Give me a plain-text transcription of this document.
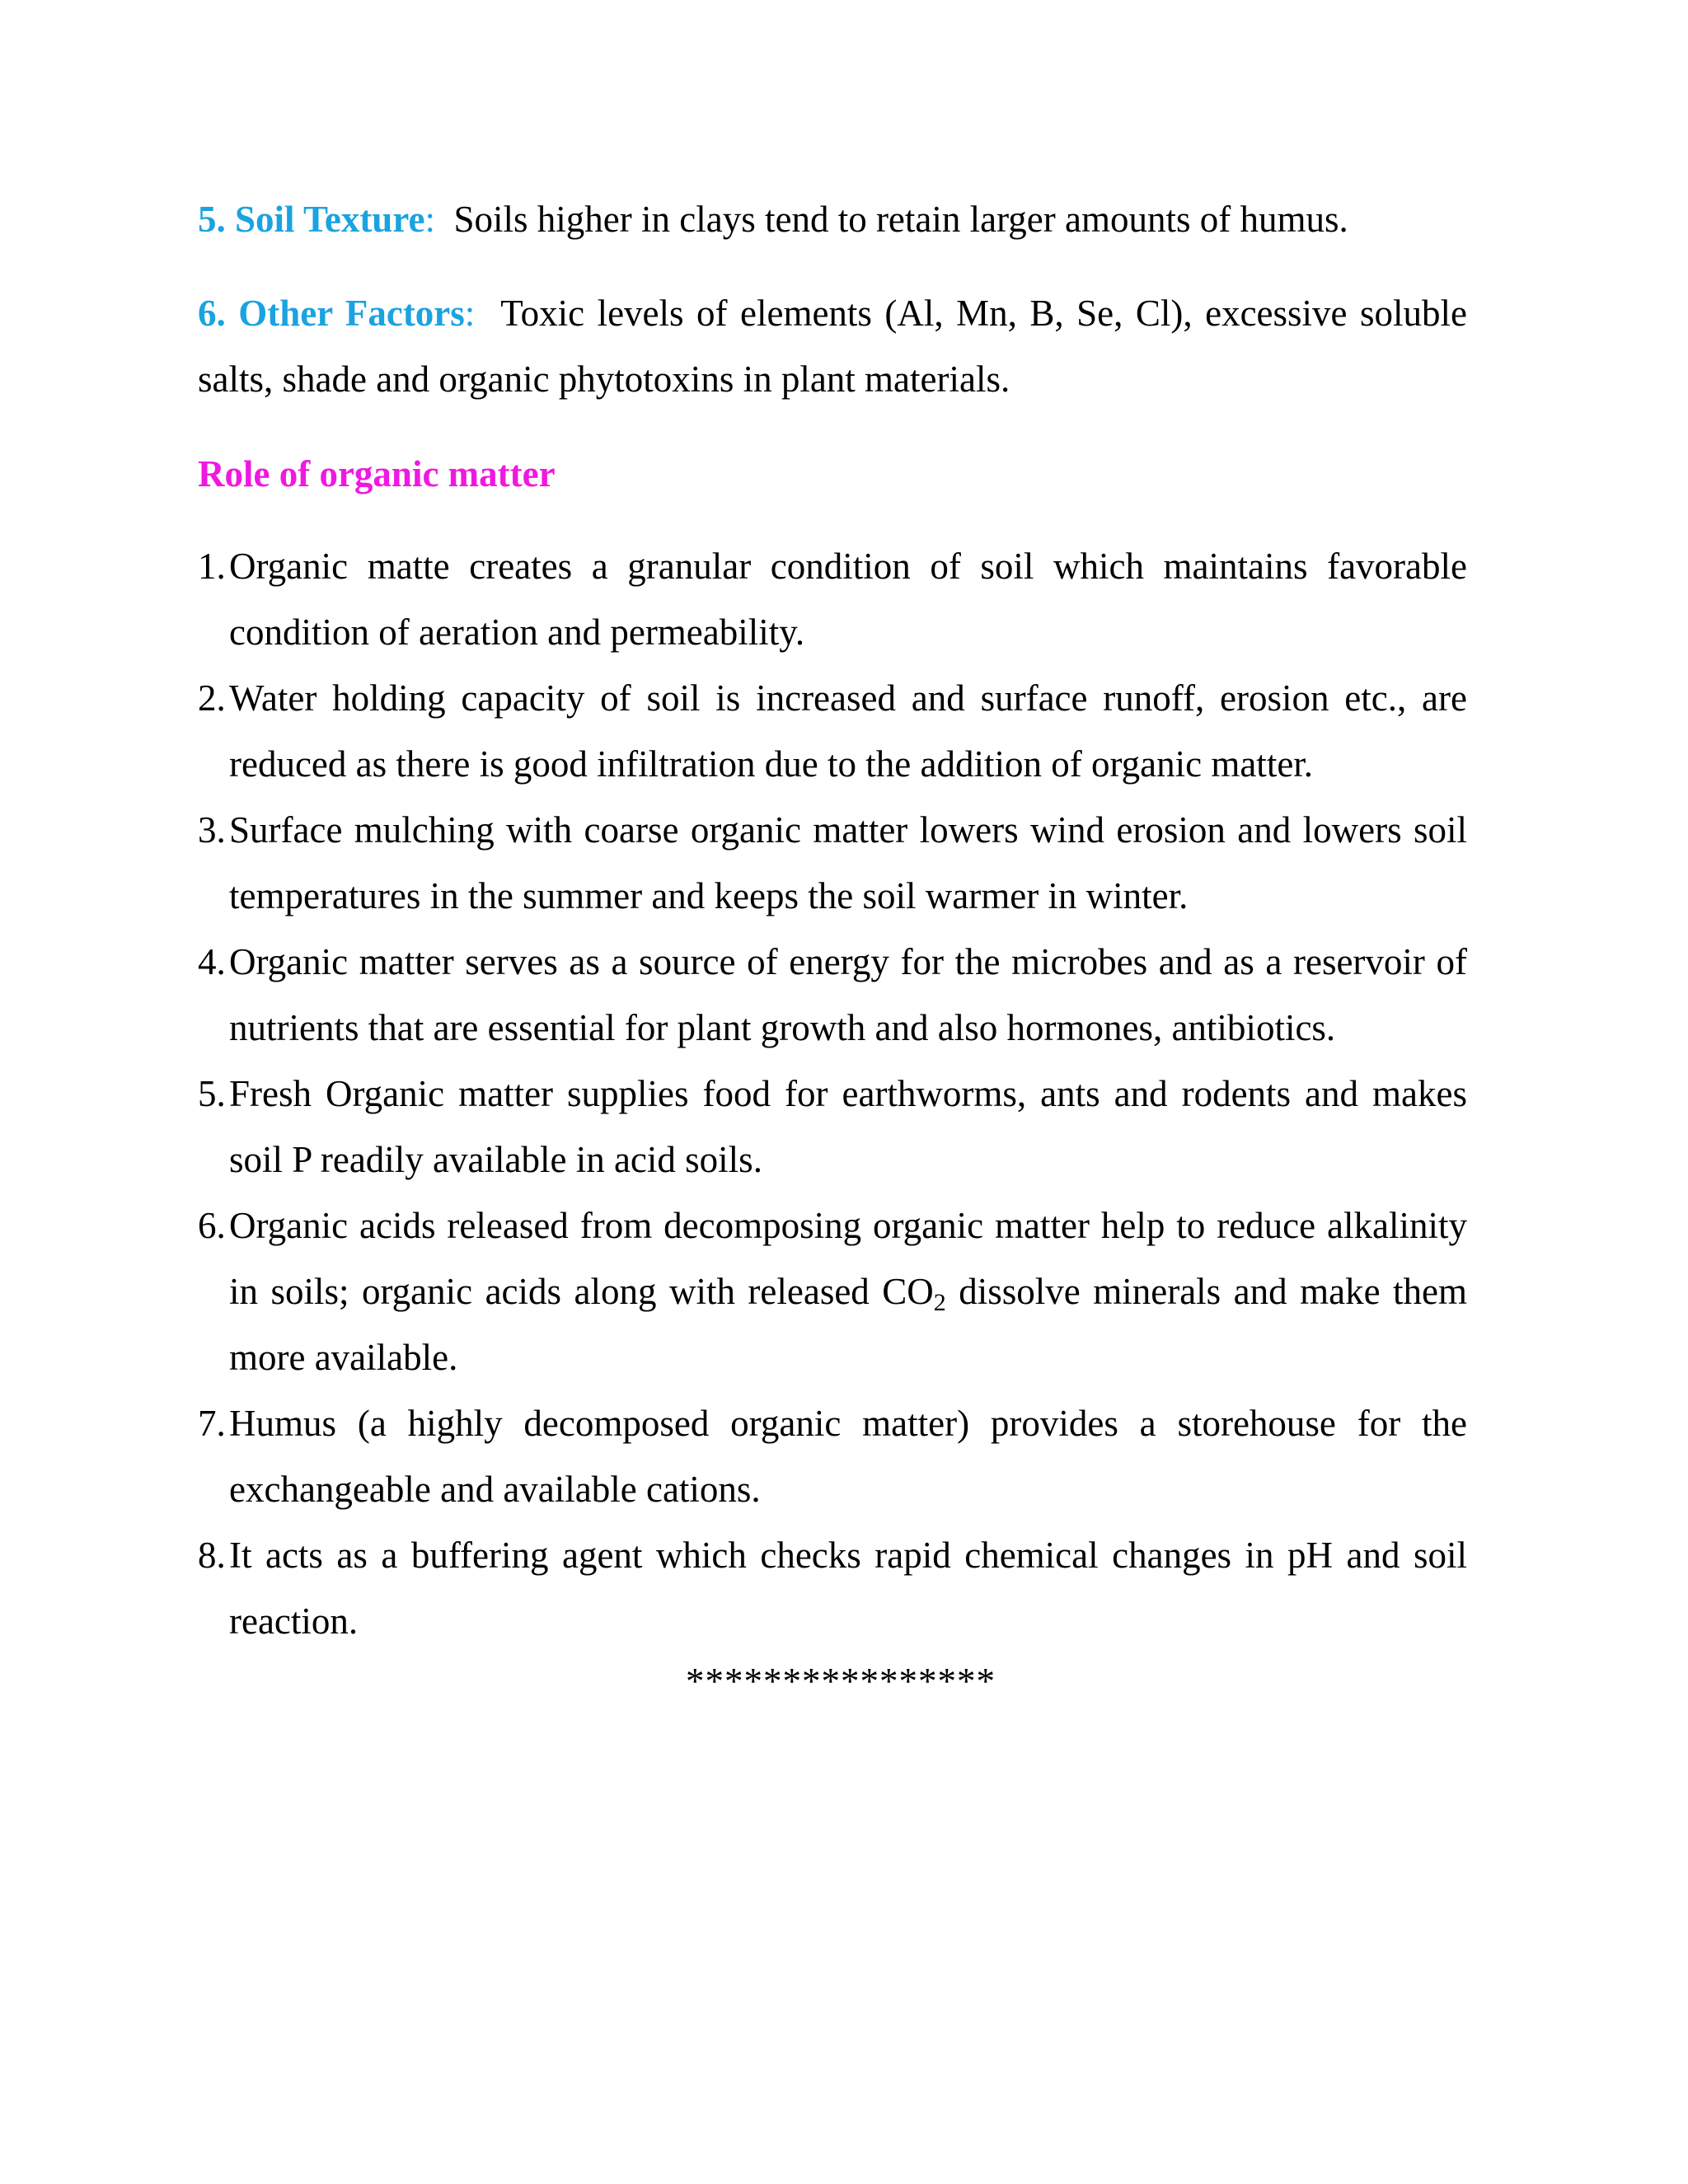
5. Soil Texture: Soils higher in clays tend to retain larger amounts of humus.
6. Other Factors: Toxic levels of elements (Al, Mn, B, Se, Cl), excessive soluble salts, shade and organic phytotoxins in plant materials.
Role of organic matter
1. Organic matte creates a granular condition of soil which maintains favorable condition of aeration and permeability.
2. Water holding capacity of soil is increased and surface runoff, erosion etc., are reduced as there is good infiltration due to the addition of organic matter.
3. Surface mulching with coarse organic matter lowers wind erosion and lowers soil temperatures in the summer and keeps the soil warmer in winter.
4. Organic matter serves as a source of energy for the microbes and as a reservoir of nutrients that are essential for plant growth and also hormones, antibiotics.
5. Fresh Organic matter supplies food for earthworms, ants and rodents and makes soil P readily available in acid soils.
6. Organic acids released from decomposing organic matter help to reduce alkalinity in soils; organic acids along with released $CO_2$ dissolve minerals and make them more available.
7. Humus (a highly decomposed organic matter) provides a storehouse for the exchangeable and available cations.
8. It acts as a buffering agent which checks rapid chemical changes in pH and soil reaction.
****************
